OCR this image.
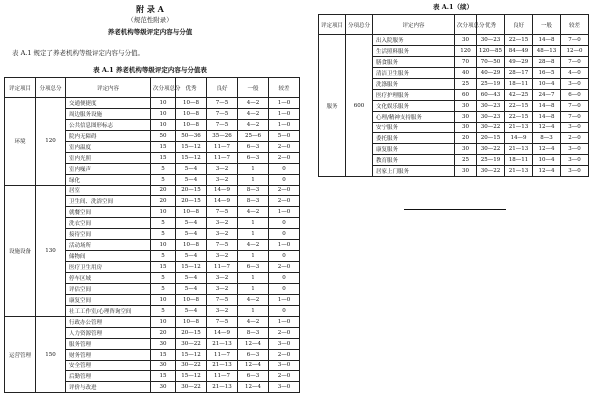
附 录 A
（规范性附录）
养老机构等级评定内容与分值
表 A.1 规定了养老机构等级评定内容与分值。
表 A.1 养老机构等级评定内容与分值表
评定项目	分项总分	评定内容	次分项总分	优秀	良好	一般	较差
环境	120	交通便捷度	10	10—8	7—5	4—2	1—0
		周边服务设施	10	10—8	7—5	4—2	1—0
		公共信息图形标志	10	10—8	7—5	4—2	1—0
		院内无障碍	50	50—36	35—26	25—6	5—0
		室内温度	15	15—12	11—7	6—3	2—0
		室内光照	15	15—12	11—7	6—3	2—0
		室内噪声	5	5—4	3—2	1	0
		绿化	5	5—4	3—2	1	0
设施设备	130	居室	20	20—15	14—9	8—3	2—0
		卫生间、洗浴空间	20	20—15	14—9	8—3	2—0
		就餐空间	10	10—8	7—5	4—2	1—0
		洗衣空间	5	5—4	3—2	1	0
		接待空间	5	5—4	3—2	1	0
		活动场所	10	10—8	7—5	4—2	1—0
		储物间	5	5—4	3—2	1	0
		医疗卫生用房	15	15—12	11—7	6—3	2—0
		停车区域	5	5—4	3—2	1	0
		评估空间	5	5—4	3—2	1	0
		康复空间	10	10—8	7—5	4—2	1—0
		社工工作室/心理咨询空间	5	5—4	3—2	1	0
运营管理	150	行政办公管理	10	10—8	7—5	4—2	1—0
		人力资源管理	20	20—15	14—9	8—3	2—0
		服务管理	30	30—22	21—13	12—4	3—0
		财务管理	15	15—12	11—7	6—3	2—0
		安全管理	30	30—22	21—13	12—4	3—0
		后勤管理	15	15—12	11—7	6—3	2—0
		评价与改进	30	30—22	21—13	12—4	3—0
表 A.1（续）
评定项目	分项总分	评定内容	次分项总分	优秀	良好	一般	较差
服务	600	出入院服务	30	30—23	22—15	14—8	7—0
		生活照料服务	120	120—85	84—49	48—13	12—0
		膳食服务	70	70—50	49—29	28—8	7—0
		清洁卫生服务	40	40—29	28—17	16—5	4—0
		洗涤服务	25	25—19	18—11	10—4	3—0
		医疗护理服务	60	60—43	42—25	24—7	6—0
		文化娱乐服务	30	30—23	22—15	14—8	7—0
		心理/精神支持服务	30	30—23	22—15	14—8	7—0
		安宁服务	30	30—22	21—13	12—4	3—0
		委托服务	20	20—15	14—9	8—3	2—0
		康复服务	30	30—22	21—13	12—4	3—0
		教育服务	25	25—19	18—11	10—4	3—0
		居家上门服务	30	30—22	21—13	12—4	3—0
